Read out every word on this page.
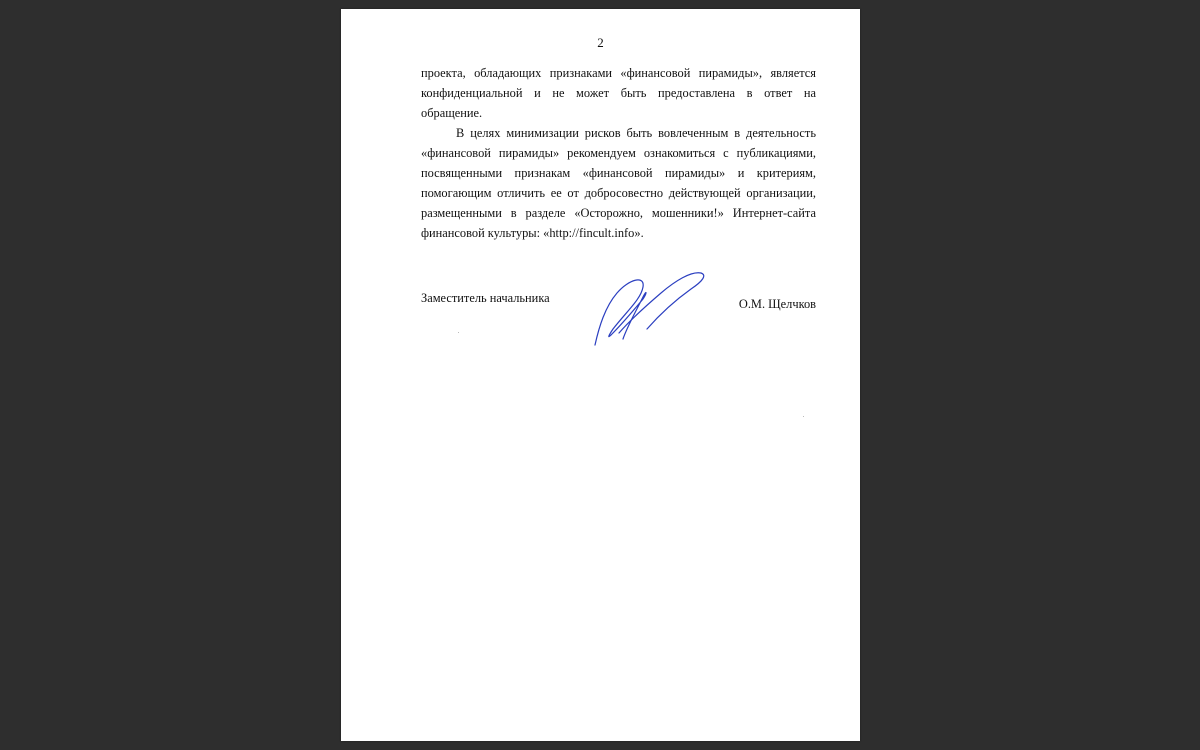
2

проекта, обладающих признаками «финансовой пирамиды», является
конфиденциальной и не может быть предоставлена в ответ на
обращение.

В целях минимизации рисков быть вовлеченным в деятельность
«финансовой пирамиды» рекомендуем ознакомиться с публикациями,
посвященными признакам «финансовой пирамиды» и критериям,
помогающим отличить ее от добросовестно действующей организации,
размещенными в разделе «Осторожно, мошенники!» Интернет-сайта
финансовой культуры: «http://fincult.info».

Заместитель начальника	О.М. Щелчков
